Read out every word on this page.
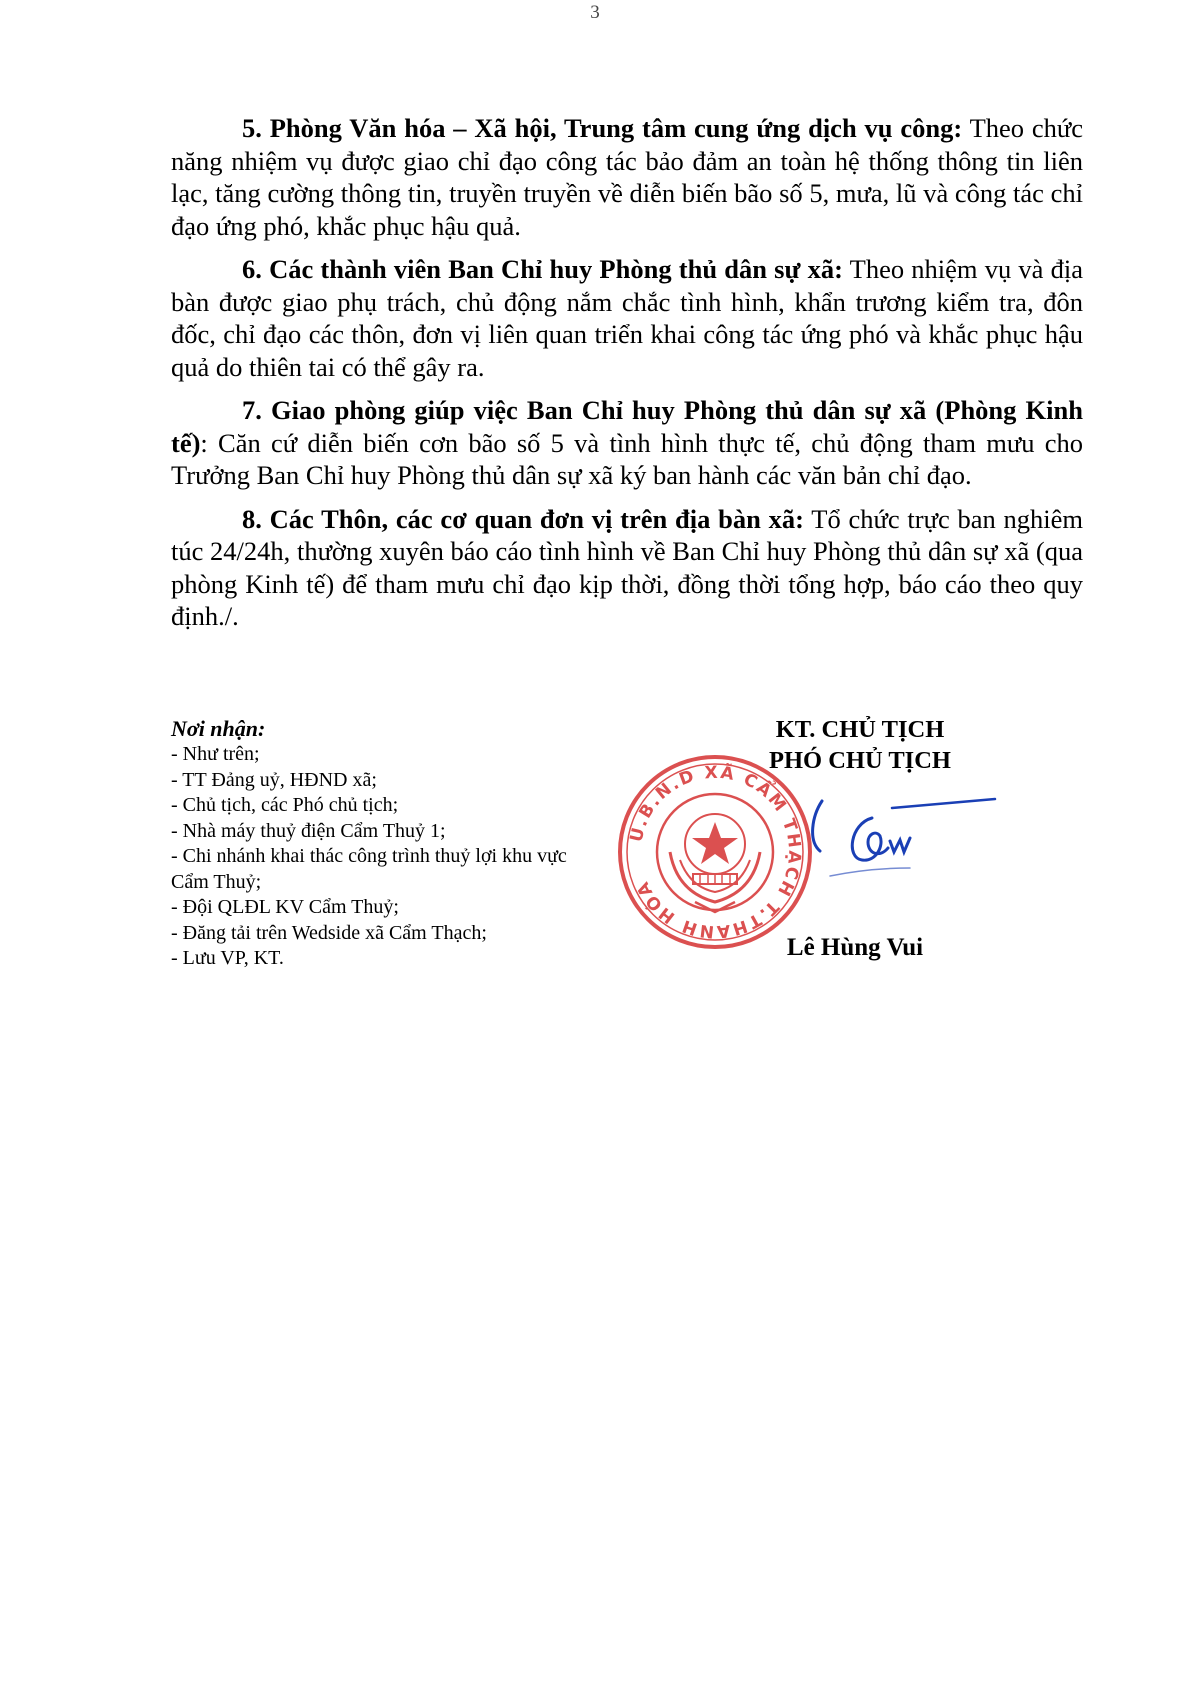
3

5. Phòng Văn hóa – Xã hội, Trung tâm cung ứng dịch vụ công: Theo chức năng nhiệm vụ được giao chỉ đạo công tác bảo đảm an toàn hệ thống thông tin liên lạc, tăng cường thông tin, truyền truyền về diễn biến bão số 5, mưa, lũ và công tác chỉ đạo ứng phó, khắc phục hậu quả.

6. Các thành viên Ban Chỉ huy Phòng thủ dân sự xã: Theo nhiệm vụ và địa bàn được giao phụ trách, chủ động nắm chắc tình hình, khẩn trương kiểm tra, đôn đốc, chỉ đạo các thôn, đơn vị liên quan triển khai công tác ứng phó và khắc phục hậu quả do thiên tai có thể gây ra.

7. Giao phòng giúp việc Ban Chỉ huy Phòng thủ dân sự xã (Phòng Kinh tế): Căn cứ diễn biến cơn bão số 5 và tình hình thực tế, chủ động tham mưu cho Trưởng Ban Chỉ huy Phòng thủ dân sự xã ký ban hành các văn bản chỉ đạo.

8. Các Thôn, các cơ quan đơn vị trên địa bàn xã: Tổ chức trực ban nghiêm túc 24/24h, thường xuyên báo cáo tình hình về Ban Chỉ huy Phòng thủ dân sự xã (qua phòng Kinh tế) để tham mưu chỉ đạo kịp thời, đồng thời tổng hợp, báo cáo theo quy định./.

Nơi nhận:
- Như trên;
- TT Đảng uỷ, HĐND xã;
- Chủ tịch, các Phó chủ tịch;
- Nhà máy thuỷ điện Cẩm Thuỷ 1;
- Chi nhánh khai thác công trình thuỷ lợi khu vực Cẩm Thuỷ;
- Đội QLĐL KV Cẩm Thuỷ;
- Đăng tải trên Wedside xã Cẩm Thạch;
- Lưu VP, KT.
KT. CHỦ TỊCH
PHÓ CHỦ TỊCH
U.B.N.D XÃ CẨM THẠCH T.THANH HÓA
Lê Hùng Vui
